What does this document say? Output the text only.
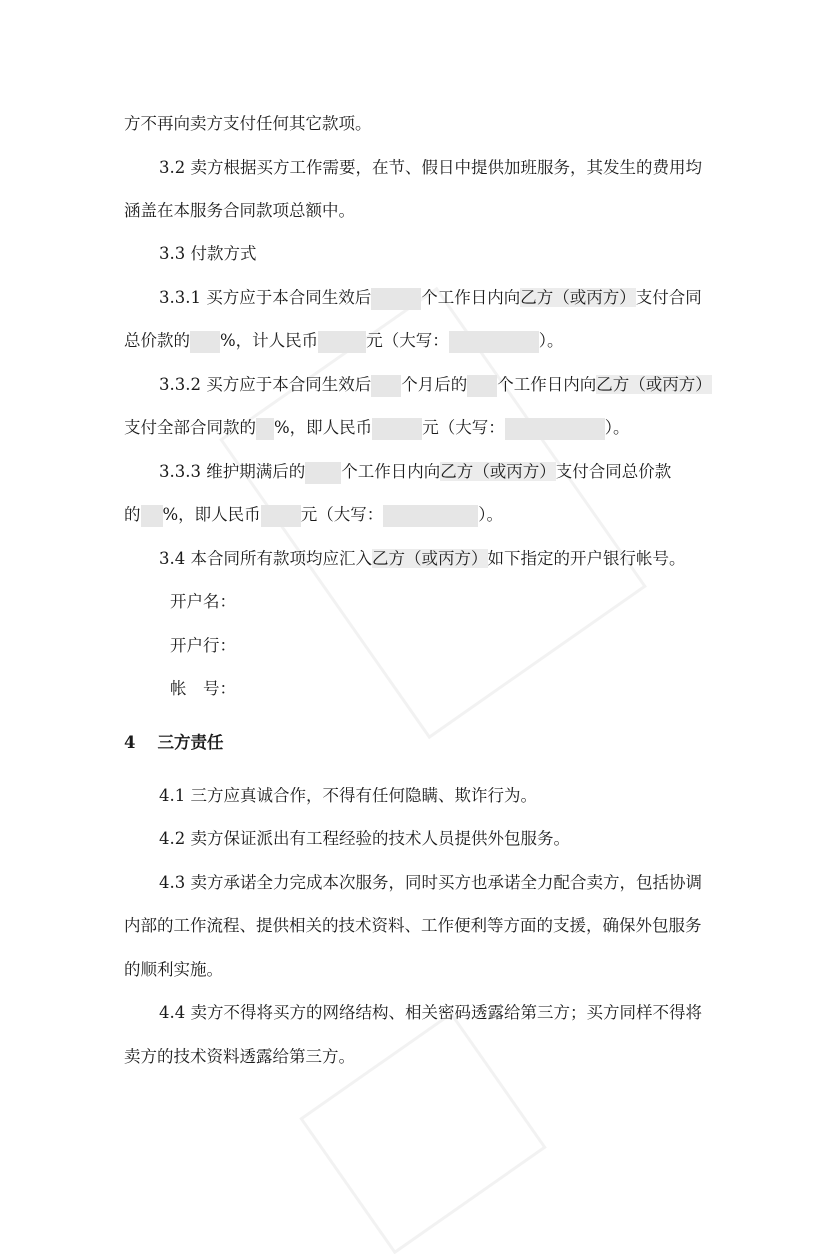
方不再向卖方支付任何其它款项。
3.2 卖方根据买方工作需要，在节、假日中提供加班服务，其发生的费用均
涵盖在本服务合同款项总额中。
3.3 付款方式
3.3.1 买方应于本合同生效后	个工作日内向乙方（或丙方）支付合同
总价款的 %，计人民币	元（大写：	）。
3.3.2 买方应于本合同生效后 个月后的 个工作日内向乙方（或丙方）
支付全部合同款的 %，即人民币	元（大写：	）。
3.3.3 维护期满后的 个工作日内向乙方（或丙方）支付合同总价款
的 %，即人民币 元（大写：	）。
3.4 本合同所有款项均应汇入乙方（或丙方）如下指定的开户银行帐号。
开户名：
开户行：
帐　号：
4 三方责任
4.1 三方应真诚合作，不得有任何隐瞒、欺诈行为。
4.2 卖方保证派出有工程经验的技术人员提供外包服务。
4.3 卖方承诺全力完成本次服务，同时买方也承诺全力配合卖方，包括协调
内部的工作流程、提供相关的技术资料、工作便利等方面的支援，确保外包服务
的顺利实施。
4.4 卖方不得将买方的网络结构、相关密码透露给第三方；买方同样不得将
卖方的技术资料透露给第三方。
